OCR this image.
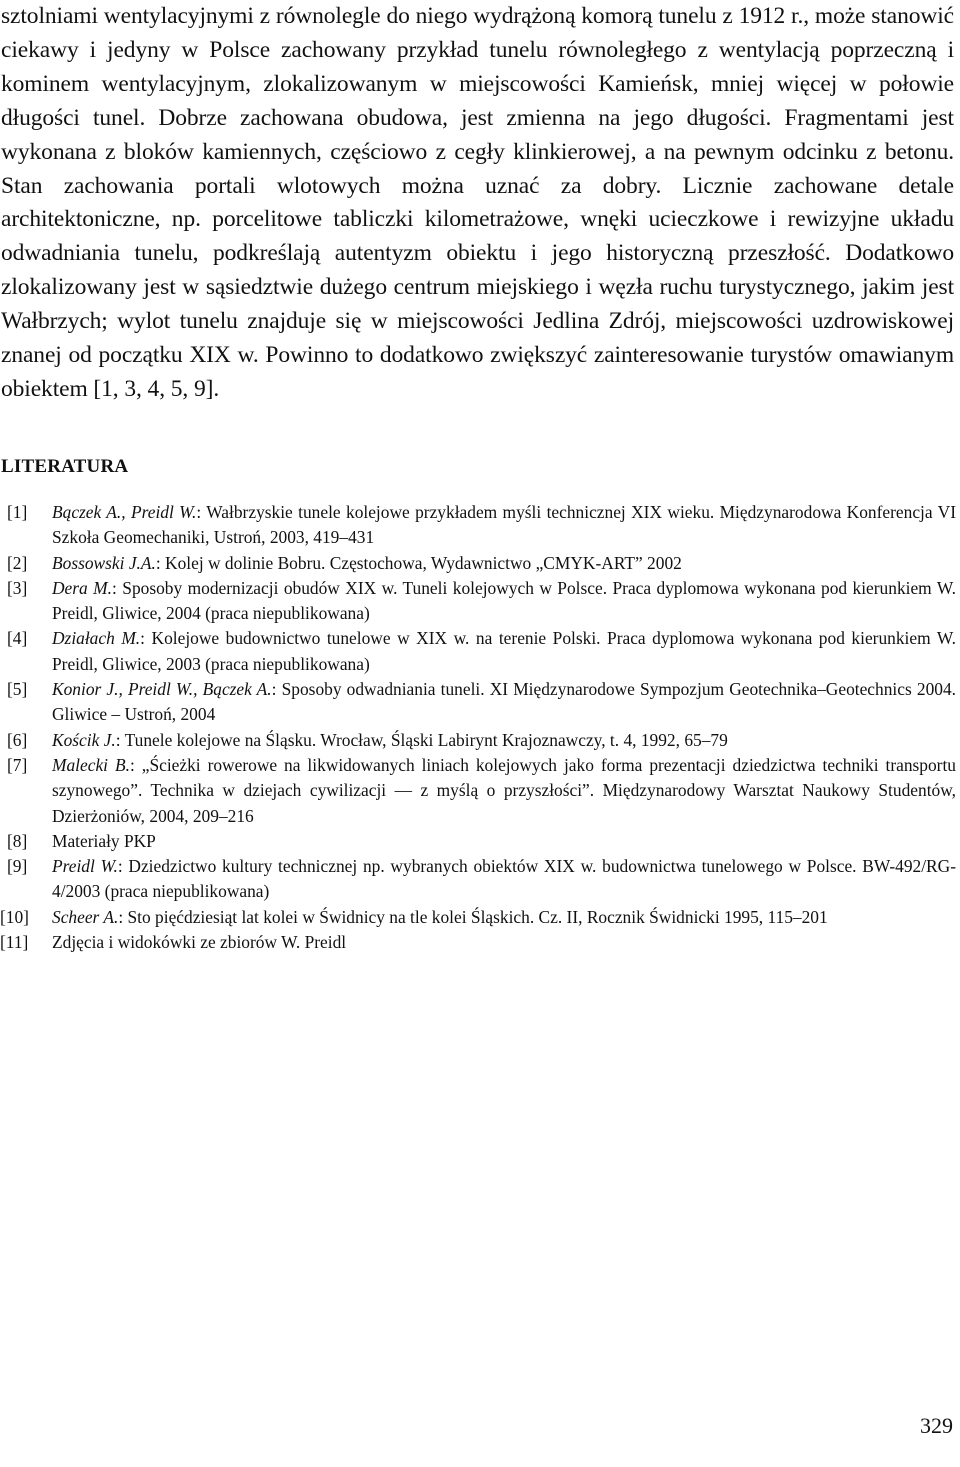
sztolniami wentylacyjnymi z równolegle do niego wydrążoną komorą tunelu z 1912 r., może stanowić ciekawy i jedyny w Polsce zachowany przykład tunelu równoległego z wentylacją poprzeczną i kominem wentylacyjnym, zlokalizowanym w miejscowości Kamieńsk, mniej więcej w połowie długości tunel. Dobrze zachowana obudowa, jest zmienna na jego długości. Fragmentami jest wykonana z bloków kamiennych, częściowo z cegły klinkierowej, a na pewnym odcinku z betonu. Stan zachowania portali wlotowych można uznać za dobry. Licznie zachowane detale architektoniczne, np. porcelitowe tabliczki kilometrażowe, wnęki ucieczkowe i rewizyjne układu odwadniania tunelu, podkreślają autentyzm obiektu i jego historyczną przeszłość. Dodatkowo zlokalizowany jest w sąsiedztwie dużego centrum miejskiego i węzła ruchu turystycznego, jakim jest Wałbrzych; wylot tunelu znajduje się w miejscowości Jedlina Zdrój, miejscowości uzdrowiskowej znanej od początku XIX w. Powinno to dodatkowo zwiększyć zainteresowanie turystów omawianym obiektem [1, 3, 4, 5, 9].

LITERATURA
[1] Bączek A., Preidl W.: Wałbrzyskie tunele kolejowe przykładem myśli technicznej XIX wieku. Międzynarodowa Konferencja VI Szkoła Geomechaniki, Ustroń, 2003, 419–431
[2] Bossowski J.A.: Kolej w dolinie Bobru. Częstochowa, Wydawnictwo „CMYK-ART” 2002
[3] Dera M.: Sposoby modernizacji obudów XIX w. Tuneli kolejowych w Polsce. Praca dyplomowa wykonana pod kierunkiem W. Preidl, Gliwice, 2004 (praca niepublikowana)
[4] Działach M.: Kolejowe budownictwo tunelowe w XIX w. na terenie Polski. Praca dyplomowa wykonana pod kierunkiem W. Preidl, Gliwice, 2003 (praca niepublikowana)
[5] Konior J., Preidl W., Bączek A.: Sposoby odwadniania tuneli. XI Międzynarodowe Sympozjum Geotechnika–Geotechnics 2004. Gliwice – Ustroń, 2004
[6] Kościk J.: Tunele kolejowe na Śląsku. Wrocław, Śląski Labirynt Krajoznawczy, t. 4, 1992, 65–79
[7] Malecki B.: „Ścieżki rowerowe na likwidowanych liniach kolejowych jako forma prezentacji dziedzictwa techniki transportu szynowego”. Technika w dziejach cywilizacji — z myślą o przyszłości”. Międzynarodowy Warsztat Naukowy Studentów, Dzierżoniów, 2004, 209–216
[8] Materiały PKP
[9] Preidl W.: Dziedzictwo kultury technicznej np. wybranych obiektów XIX w. budownictwa tunelowego w Polsce. BW-492/RG-4/2003 (praca niepublikowana)
[10] Scheer A.: Sto pięćdziesiąt lat kolei w Świdnicy na tle kolei Śląskich. Cz. II, Rocznik Świdnicki 1995, 115–201
[11] Zdjęcia i widokówki ze zbiorów W. Preidl

329
